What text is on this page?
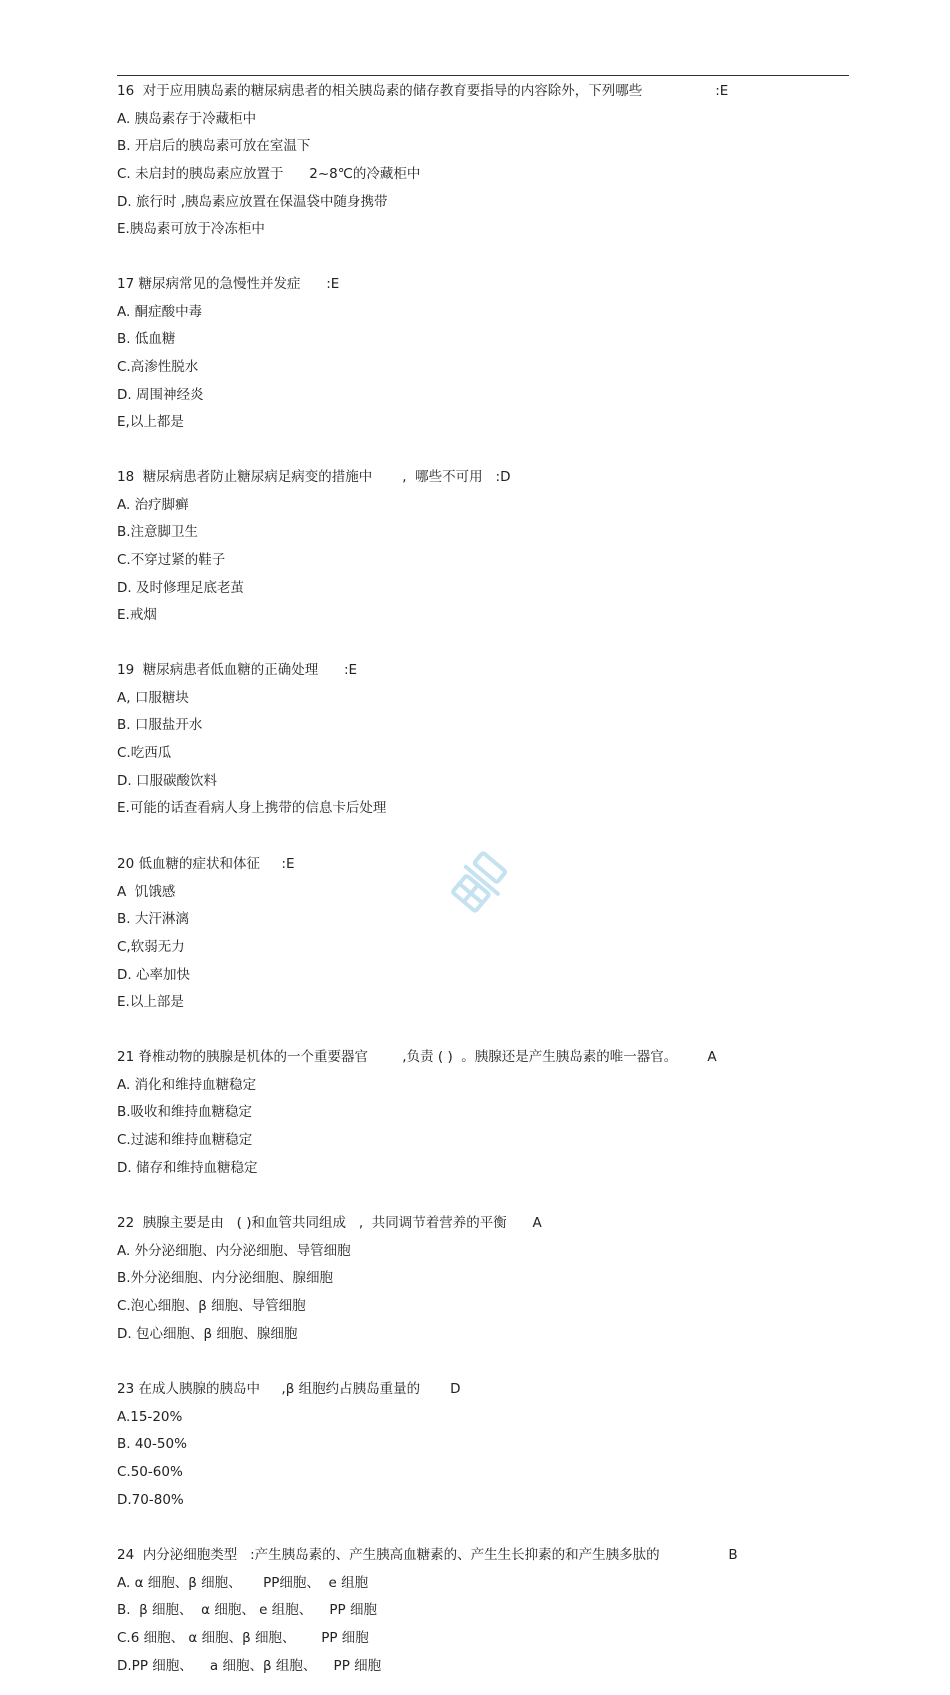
16  对于应用胰岛素的糖尿病患者的相关胰岛素的储存教育要指导的内容除外，下列哪些                 :E
A. 胰岛素存于冷藏柜中
B. 开启后的胰岛素可放在室温下
C. 未启封的胰岛素应放置于      2~8℃的冷藏柜中
D. 旅行时 ,胰岛素应放置在保温袋中随身携带
E.胰岛素可放于冷冻柜中
17 糖尿病常见的急慢性并发症      :E
A. 酮症酸中毒
B. 低血糖
C.高渗性脱水
D. 周围神经炎
E,以上都是
18  糖尿病患者防止糖尿病足病变的措施中       ,  哪些不可用   :D
A. 治疗脚癣
B.注意脚卫生
C.不穿过紧的鞋子
D. 及时修理足底老茧
E.戒烟
19  糖尿病患者低血糖的正确处理      :E
A, 口服糖块
B. 口服盐开水
C.吃西瓜
D. 口服碳酸饮料
E.可能的话查看病人身上携带的信息卡后处理
20 低血糖的症状和体征     :E
A  饥饿感
B. 大汗淋漓
C,软弱无力
D. 心率加快
E.以上部是
21 脊椎动物的胰腺是机体的一个重要器官        ,负责 ( )  。胰腺还是产生胰岛素的唯一器官。       A
A. 消化和维持血糖稳定
B.吸收和维持血糖稳定
C.过滤和维持血糖稳定
D. 储存和维持血糖稳定
22  胰腺主要是由   ( )和血管共同组成   ,  共同调节着营养的平衡      A
A. 外分泌细胞、内分泌细胞、导管细胞
B.外分泌细胞、内分泌细胞、腺细胞
C.泡心细胞、β 细胞、导管细胞
D. 包心细胞、β 细胞、腺细胞
23 在成人胰腺的胰岛中     ,β 组胞约占胰岛重量的       D
A.15-20%
B. 40-50%
C.50-60%
D.70-80%
24  内分泌细胞类型   :产生胰岛素的、产生胰高血糖素的、产生生长抑素的和产生胰多肽的                B
A. α 细胞、β 细胞、     PP细胞、  e 组胞
B.  β 细胞、  α 细胞、 e 组胞、    PP 细胞
C.6 细胞、 α 细胞、β 细胞、      PP 细胞
D.PP 细胞、    a 细胞、β 组胞、    PP 细胞
